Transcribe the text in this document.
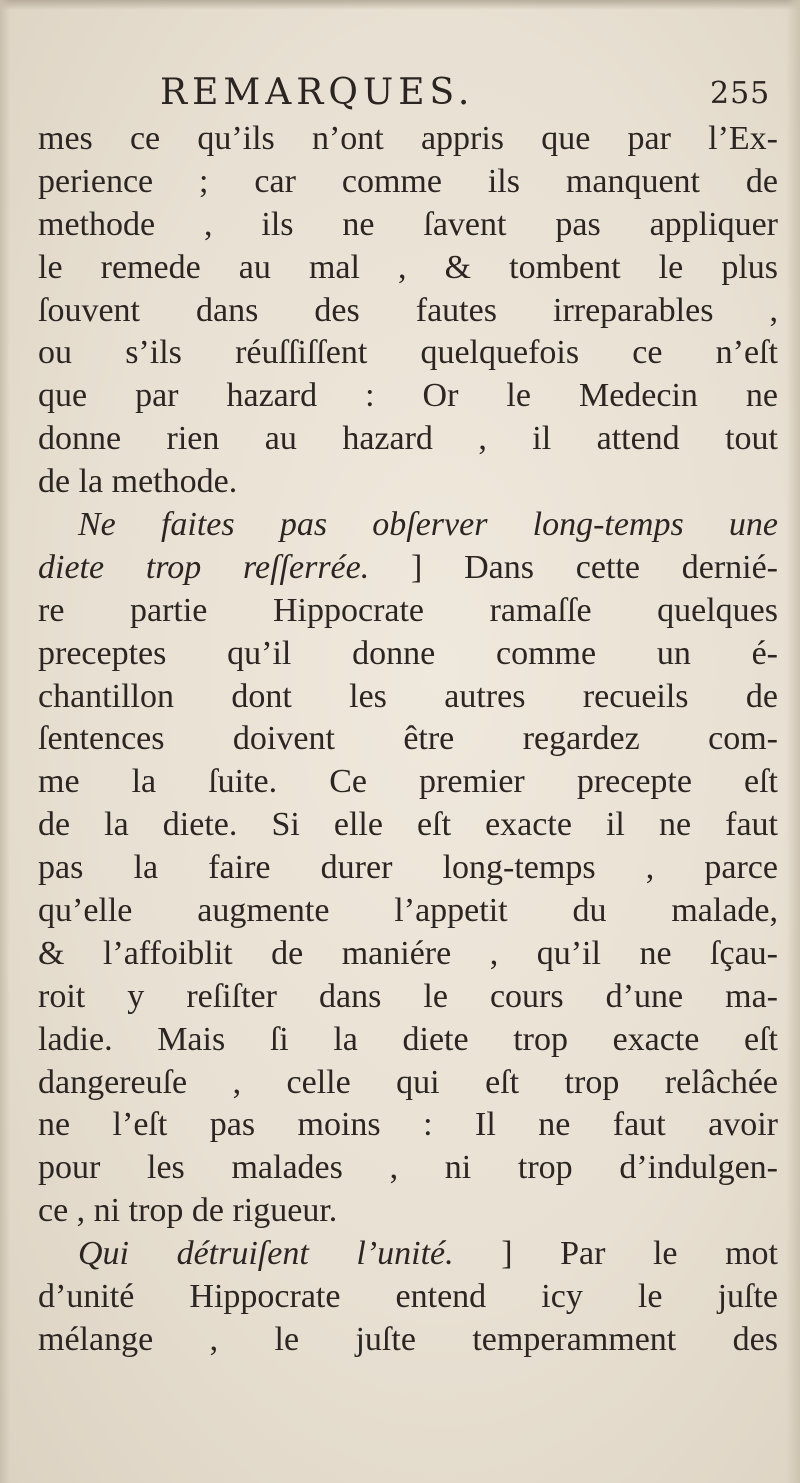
REMARQUES.	255
mes ce qu’ils n’ont appris que par l’Ex-
perience ; car comme ils manquent de
methode , ils ne ſavent pas appliquer
le remede au mal , & tombent le plus
ſouvent dans des fautes irreparables ,
ou s’ils réuſſiſſent quelquefois ce n’eſt
que par hazard : Or le Medecin ne
donne rien au hazard , il attend tout
de la methode.
Ne faites pas obſerver long-temps une
diete trop reſſerrée. ] Dans cette dernié-
re partie Hippocrate ramaſſe quelques
preceptes qu’il donne comme un é-
chantillon dont les autres recueils de
ſentences doivent être regardez com-
me la ſuite. Ce premier precepte eſt
de la diete. Si elle eſt exacte il ne faut
pas la faire durer long-temps , parce
qu’elle augmente l’appetit du malade,
& l’affoiblit de maniére , qu’il ne ſçau-
roit y reſiſter dans le cours d’une ma-
ladie. Mais ſi la diete trop exacte eſt
dangereuſe , celle qui eſt trop relâchée
ne l’eſt pas moins : Il ne faut avoir
pour les malades , ni trop d’indulgen-
ce , ni trop de rigueur.
Qui détruiſent l’unité. ] Par le mot
d’unité Hippocrate entend icy le juſte
mélange , le juſte temperamment des
